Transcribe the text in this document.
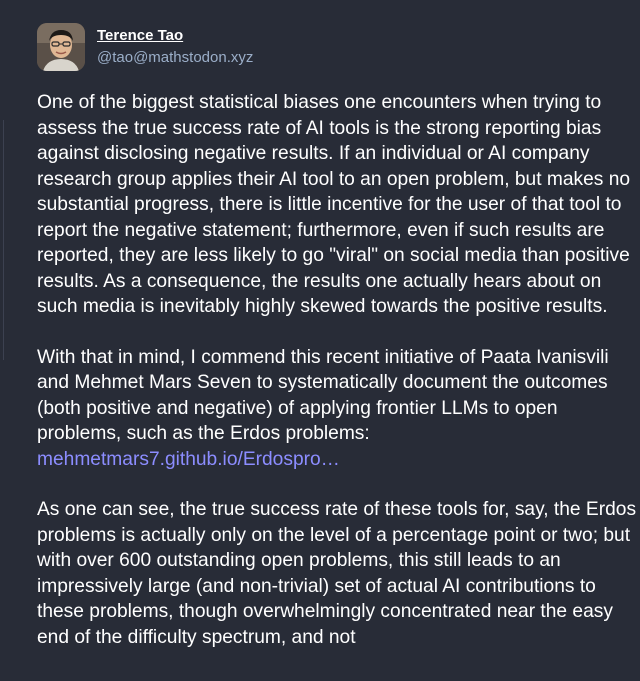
Terence Tao
@tao@mathstodon.xyz

One of the biggest statistical biases one encounters when trying to assess the true success rate of AI tools is the strong reporting bias against disclosing negative results. If an individual or AI company research group applies their AI tool to an open problem, but makes no substantial progress, there is little incentive for the user of that tool to report the negative statement; furthermore, even if such results are reported, they are less likely to go "viral" on social media than positive results. As a consequence, the results one actually hears about on such media is inevitably highly skewed towards the positive results.

With that in mind, I commend this recent initiative of Paata Ivanisvili and Mehmet Mars Seven to systematically document the outcomes (both positive and negative) of applying frontier LLMs to open problems, such as the Erdos problems: mehmetmars7.github.io/Erdospro…

As one can see, the true success rate of these tools for, say, the Erdos problems is actually only on the level of a percentage point or two; but with over 600 outstanding open problems, this still leads to an impressively large (and non-trivial) set of actual AI contributions to these problems, though overwhelmingly concentrated near the easy end of the difficulty spectrum, and not
